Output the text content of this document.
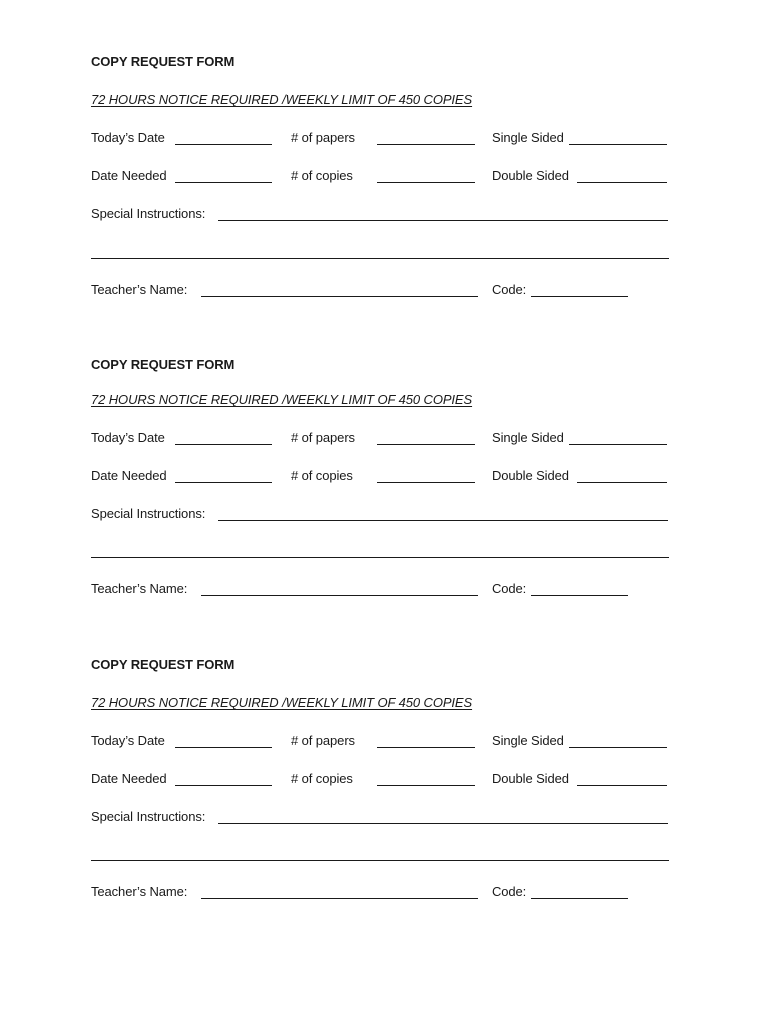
COPY REQUEST FORM
72 HOURS NOTICE REQUIRED /WEEKLY LIMIT OF 450 COPIES
Today’s Date	# of papers	Single Sided
Date Needed	# of copies	Double Sided
Special Instructions:
Teacher’s Name:	Code:
COPY REQUEST FORM
72 HOURS NOTICE REQUIRED /WEEKLY LIMIT OF 450 COPIES
Today’s Date	# of papers	Single Sided
Date Needed	# of copies	Double Sided
Special Instructions:
Teacher’s Name:	Code:
COPY REQUEST FORM
72 HOURS NOTICE REQUIRED /WEEKLY LIMIT OF 450 COPIES
Today’s Date	# of papers	Single Sided
Date Needed	# of copies	Double Sided
Special Instructions:
Teacher’s Name:	Code:
